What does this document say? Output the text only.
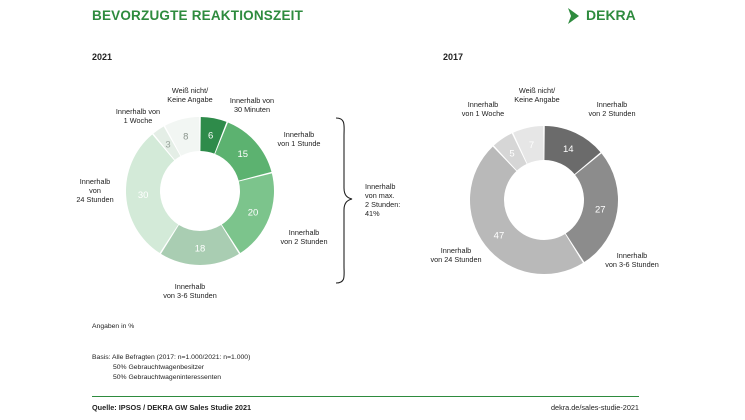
BEVORZUGTE REAKTIONSZEIT	DEKRA
2021	2017
6
15
20
18
30
3
8
14
27
47
5
7
Weiß nicht/
Keine Angabe Innerhalb von
30 Minuten
Innerhalb
von 1 Stunde
Innerhalb
von 2 Stunden
Innerhalb
von 3-6 Stunden
Innerhalb
von
24 Stunden
Innerhalb von
1 Woche
Innerhalb
von max.
2 Stunden:
41%
Weiß nicht/
Keine Angabe
Innerhalb
von 1 Woche
Innerhalb
von 2 Stunden
Innerhalb
von 3-6 Stunden
Innerhalb
von 24 Stunden
Angaben in %
Basis: Alle Befragten (2017: n=1.000/2021: n=1.000)
50% Gebrauchtwagenbesitzer
50% Gebrauchtwageninteressenten
Quelle: IPSOS / DEKRA GW Sales Studie 2021	dekra.de/sales-studie-2021
